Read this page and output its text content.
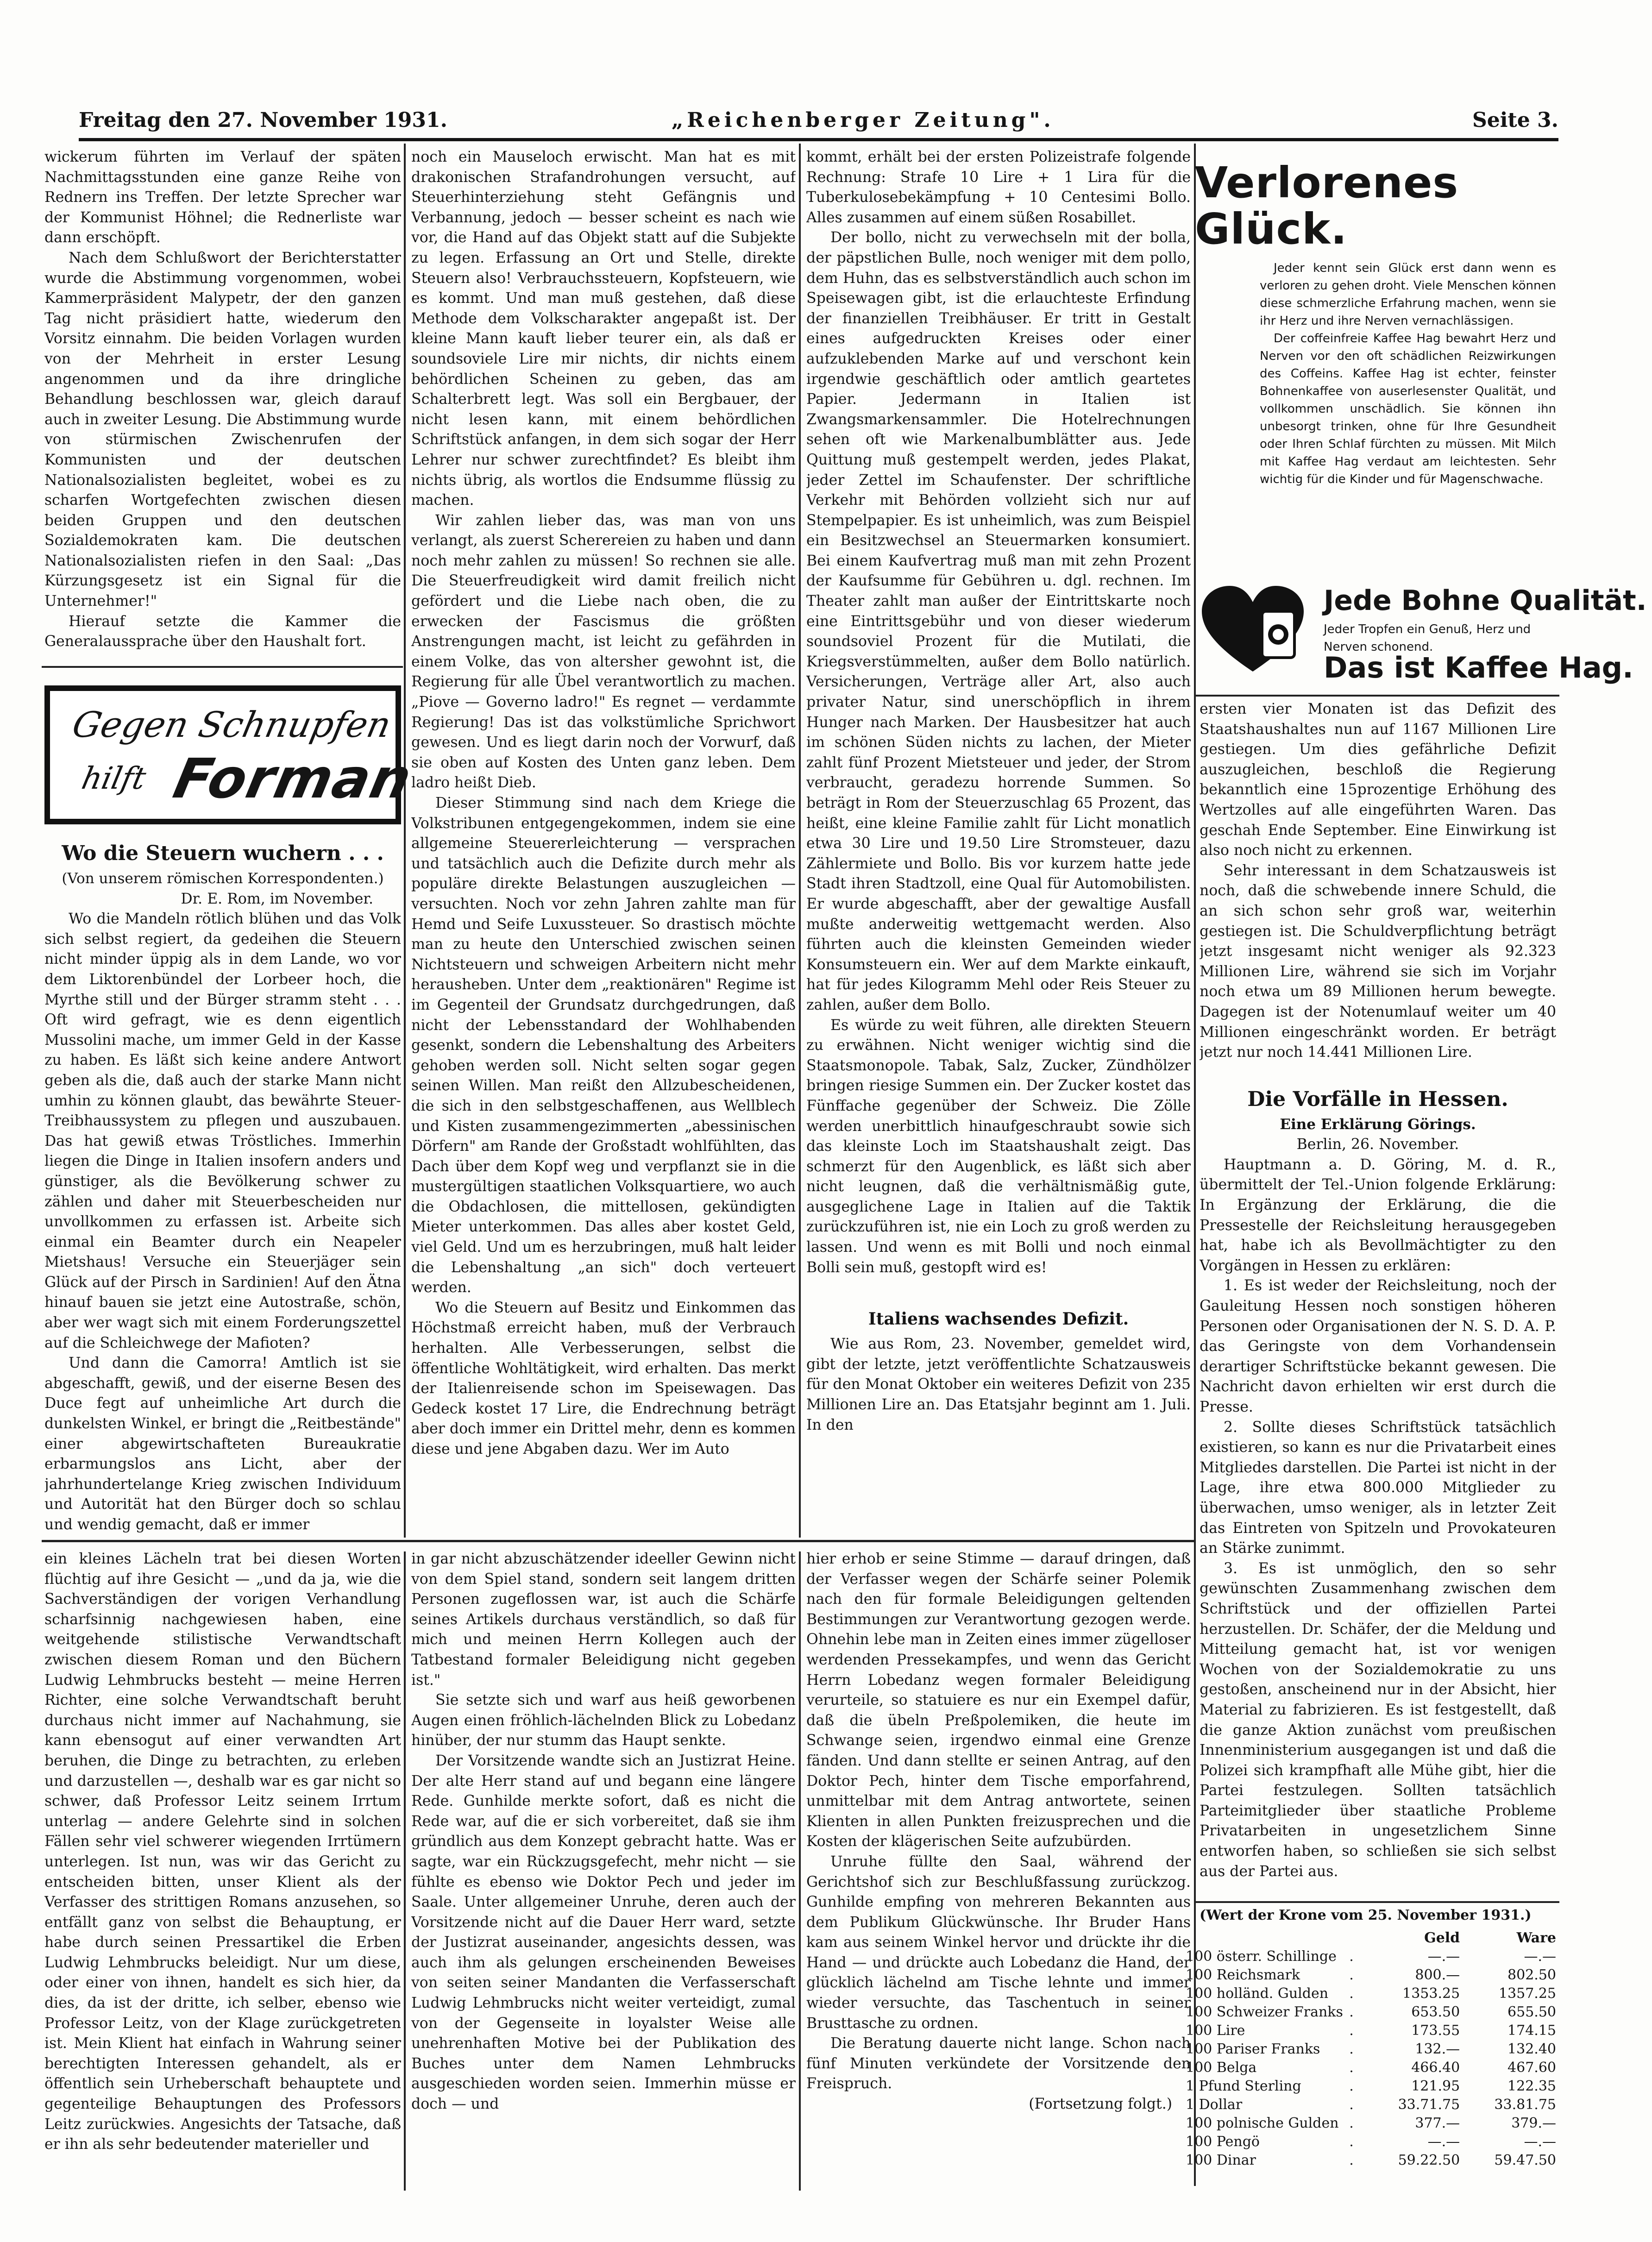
Freitag den 27. November 1931.	„Reichenberger Zeitung".	Seite 3.

wickerum führten im Verlauf der späten Nachmittagsstunden eine ganze Reihe von Rednern ins Treffen. Der letzte Sprecher war der Kommunist Höhnel; die Rednerliste war dann erschöpft.

Nach dem Schlußwort der Berichterstatter wurde die Abstimmung vorgenommen, wobei Kammerpräsident Malypetr, der den ganzen Tag nicht präsidiert hatte, wiederum den Vorsitz einnahm. Die beiden Vorlagen wurden von der Mehrheit in erster Lesung angenommen und da ihre dringliche Behandlung beschlossen war, gleich darauf auch in zweiter Lesung. Die Abstimmung wurde von stürmischen Zwischenrufen der Kommunisten und der deutschen Nationalsozialisten begleitet, wobei es zu scharfen Wortgefechten zwischen diesen beiden Gruppen und den deutschen Sozialdemokraten kam. Die deutschen Nationalsozialisten riefen in den Saal: „Das Kürzungsgesetz ist ein Signal für die Unternehmer!"

Hierauf setzte die Kammer die Generalaussprache über den Haushalt fort.

Gegen Schnupfen
hilft Forman

Wo die Steuern wuchern . . .

(Von unserem römischen Korrespondenten.)

Dr. E. Rom, im November.

Wo die Mandeln rötlich blühen und das Volk sich selbst regiert, da gedeihen die Steuern nicht minder üppig als in dem Lande, wo vor dem Liktorenbündel der Lorbeer hoch, die Myrthe still und der Bürger stramm steht . . . Oft wird gefragt, wie es denn eigentlich Mussolini mache, um immer Geld in der Kasse zu haben. Es läßt sich keine andere Antwort geben als die, daß auch der starke Mann nicht umhin zu können glaubt, das bewährte Steuer-Treibhaussystem zu pflegen und auszubauen. Das hat gewiß etwas Tröstliches. Immerhin liegen die Dinge in Italien insofern anders und günstiger, als die Bevölkerung schwer zu zählen und daher mit Steuerbescheiden nur unvollkommen zu erfassen ist. Arbeite sich einmal ein Beamter durch ein Neapeler Mietshaus! Versuche ein Steuerjäger sein Glück auf der Pirsch in Sardinien! Auf den Ätna hinauf bauen sie jetzt eine Autostraße, schön, aber wer wagt sich mit einem Forderungszettel auf die Schleichwege der Mafioten?

Und dann die Camorra! Amtlich ist sie abgeschafft, gewiß, und der eiserne Besen des Duce fegt auf unheimliche Art durch die dunkelsten Winkel, er bringt die „Reitbestände" einer abgewirtschafteten Bureaukratie erbarmungslos ans Licht, aber der jahrhundertelange Krieg zwischen Individuum und Autorität hat den Bürger doch so schlau und wendig gemacht, daß er immer

noch ein Mauseloch erwischt. Man hat es mit drakonischen Strafandrohungen versucht, auf Steuerhinterziehung steht Gefängnis und Verbannung, jedoch — besser scheint es nach wie vor, die Hand auf das Objekt statt auf die Subjekte zu legen. Erfassung an Ort und Stelle, direkte Steuern also! Verbrauchssteuern, Kopfsteuern, wie es kommt. Und man muß gestehen, daß diese Methode dem Volkscharakter angepaßt ist. Der kleine Mann kauft lieber teurer ein, als daß er soundsoviele Lire mir nichts, dir nichts einem behördlichen Scheinen zu geben, das am Schalterbrett legt. Was soll ein Bergbauer, der nicht lesen kann, mit einem behördlichen Schriftstück anfangen, in dem sich sogar der Herr Lehrer nur schwer zurechtfindet? Es bleibt ihm nichts übrig, als wortlos die Endsumme flüssig zu machen.

Wir zahlen lieber das, was man von uns verlangt, als zuerst Scherereien zu haben und dann noch mehr zahlen zu müssen! So rechnen sie alle. Die Steuerfreudigkeit wird damit freilich nicht gefördert und die Liebe nach oben, die zu erwecken der Fascismus die größten Anstrengungen macht, ist leicht zu gefährden in einem Volke, das von altersher gewohnt ist, die Regierung für alle Übel verantwortlich zu machen. „Piove — Governo ladro!" Es regnet — verdammte Regierung! Das ist das volkstümliche Sprichwort gewesen. Und es liegt darin noch der Vorwurf, daß sie oben auf Kosten des Unten ganz leben. Dem ladro heißt Dieb.

Dieser Stimmung sind nach dem Kriege die Volkstribunen entgegengekommen, indem sie eine allgemeine Steuererleichterung — versprachen und tatsächlich auch die Defizite durch mehr als populäre direkte Belastungen auszugleichen — versuchten. Noch vor zehn Jahren zahlte man für Hemd und Seife Luxussteuer. So drastisch möchte man zu heute den Unterschied zwischen seinen Nichtsteuern und schweigen Arbeitern nicht mehr herausheben. Unter dem „reaktionären" Regime ist im Gegenteil der Grundsatz durchgedrungen, daß nicht der Lebensstandard der Wohlhabenden gesenkt, sondern die Lebenshaltung des Arbeiters gehoben werden soll. Nicht selten sogar gegen seinen Willen. Man reißt den Allzubescheidenen, die sich in den selbstgeschaffenen, aus Wellblech und Kisten zusammengezimmerten „abessinischen Dörfern" am Rande der Großstadt wohlfühlten, das Dach über dem Kopf weg und verpflanzt sie in die mustergültigen staatlichen Volksquartiere, wo auch die Obdachlosen, die mittellosen, gekündigten Mieter unterkommen. Das alles aber kostet Geld, viel Geld. Und um es herzubringen, muß halt leider die Lebenshaltung „an sich" doch verteuert werden.

Wo die Steuern auf Besitz und Einkommen das Höchstmaß erreicht haben, muß der Verbrauch herhalten. Alle Verbesserungen, selbst die öffentliche Wohltätigkeit, wird erhalten. Das merkt der Italienreisende schon im Speisewagen. Das Gedeck kostet 17 Lire, die Endrechnung beträgt aber doch immer ein Drittel mehr, denn es kommen diese und jene Abgaben dazu. Wer im Auto

kommt, erhält bei der ersten Polizeistrafe folgende Rechnung: Strafe 10 Lire + 1 Lira für die Tuberkulosebekämpfung + 10 Centesimi Bollo. Alles zusammen auf einem süßen Rosabillet.

Der bollo, nicht zu verwechseln mit der bolla, der päpstlichen Bulle, noch weniger mit dem pollo, dem Huhn, das es selbstverständlich auch schon im Speisewagen gibt, ist die erlauchteste Erfindung der finanziellen Treibhäuser. Er tritt in Gestalt eines aufgedruckten Kreises oder einer aufzuklebenden Marke auf und verschont kein irgendwie geschäftlich oder amtlich geartetes Papier. Jedermann in Italien ist Zwangsmarkensammler. Die Hotelrechnungen sehen oft wie Markenalbumblätter aus. Jede Quittung muß gestempelt werden, jedes Plakat, jeder Zettel im Schaufenster. Der schriftliche Verkehr mit Behörden vollzieht sich nur auf Stempelpapier. Es ist unheimlich, was zum Beispiel ein Besitzwechsel an Steuermarken konsumiert. Bei einem Kaufvertrag muß man mit zehn Prozent der Kaufsumme für Gebühren u. dgl. rechnen. Im Theater zahlt man außer der Eintrittskarte noch eine Eintrittsgebühr und von dieser wiederum soundsoviel Prozent für die Mutilati, die Kriegsverstümmelten, außer dem Bollo natürlich. Versicherungen, Verträge aller Art, also auch privater Natur, sind unerschöpflich in ihrem Hunger nach Marken. Der Hausbesitzer hat auch im schönen Süden nichts zu lachen, der Mieter zahlt fünf Prozent Mietsteuer und jeder, der Strom verbraucht, geradezu horrende Summen. So beträgt in Rom der Steuerzuschlag 65 Prozent, das heißt, eine kleine Familie zahlt für Licht monatlich etwa 30 Lire und 19.50 Lire Stromsteuer, dazu Zählermiete und Bollo. Bis vor kurzem hatte jede Stadt ihren Stadtzoll, eine Qual für Automobilisten. Er wurde abgeschafft, aber der gewaltige Ausfall mußte anderweitig wettgemacht werden. Also führten auch die kleinsten Gemeinden wieder Konsumsteuern ein. Wer auf dem Markte einkauft, hat für jedes Kilogramm Mehl oder Reis Steuer zu zahlen, außer dem Bollo.

Es würde zu weit führen, alle direkten Steuern zu erwähnen. Nicht weniger wichtig sind die Staatsmonopole. Tabak, Salz, Zucker, Zündhölzer bringen riesige Summen ein. Der Zucker kostet das Fünffache gegenüber der Schweiz. Die Zölle werden unerbittlich hinaufgeschraubt sowie sich das kleinste Loch im Staatshaushalt zeigt. Das schmerzt für den Augenblick, es läßt sich aber nicht leugnen, daß die verhältnismäßig gute, ausgeglichene Lage in Italien auf die Taktik zurückzuführen ist, nie ein Loch zu groß werden zu lassen. Und wenn es mit Bolli und noch einmal Bolli sein muß, gestopft wird es!

Italiens wachsendes Defizit.

Wie aus Rom, 23. November, gemeldet wird, gibt der letzte, jetzt veröffentlichte Schatzausweis für den Monat Oktober ein weiteres Defizit von 235 Millionen Lire an. Das Etatsjahr beginnt am 1. Juli. In den

Verlorenes
Glück.

Jeder kennt sein Glück erst dann wenn es verloren zu gehen droht. Viele Menschen können diese schmerzliche Erfahrung machen, wenn sie ihr Herz und ihre Nerven vernachlässigen.

Der coffeinfreie Kaffee Hag bewahrt Herz und Nerven vor den oft schädlichen Reizwirkungen des Coffeins. Kaffee Hag ist echter, feinster Bohnenkaffee von auserlesenster Qualität, und vollkommen unschädlich. Sie können ihn unbesorgt trinken, ohne für Ihre Gesundheit oder Ihren Schlaf fürchten zu müssen. Mit Milch mit Kaffee Hag verdaut am leichtesten. Sehr wichtig für die Kinder und für Magenschwache.

Jede Bohne Qualität.
Jeder Tropfen ein Genuß, Herz und Nerven schonend.
Das ist Kaffee Hag.

ersten vier Monaten ist das Defizit des Staatshaushaltes nun auf 1167 Millionen Lire gestiegen. Um dies gefährliche Defizit auszugleichen, beschloß die Regierung bekanntlich eine 15prozentige Erhöhung des Wertzolles auf alle eingeführten Waren. Das geschah Ende September. Eine Einwirkung ist also noch nicht zu erkennen.

Sehr interessant in dem Schatzausweis ist noch, daß die schwebende innere Schuld, die an sich schon sehr groß war, weiterhin gestiegen ist. Die Schuldverpflichtung beträgt jetzt insgesamt nicht weniger als 92.323 Millionen Lire, während sie sich im Vorjahr noch etwa um 89 Millionen herum bewegte. Dagegen ist der Notenumlauf weiter um 40 Millionen eingeschränkt worden. Er beträgt jetzt nur noch 14.441 Millionen Lire.

Die Vorfälle in Hessen.

Eine Erklärung Görings.

Berlin, 26. November.

Hauptmann a. D. Göring, M. d. R., übermittelt der Tel.-Union folgende Erklärung: In Ergänzung der Erklärung, die die Pressestelle der Reichsleitung herausgegeben hat, habe ich als Bevollmächtigter zu den Vorgängen in Hessen zu erklären:

1. Es ist weder der Reichsleitung, noch der Gauleitung Hessen noch sonstigen höheren Personen oder Organisationen der N. S. D. A. P. das Geringste von dem Vorhandensein derartiger Schriftstücke bekannt gewesen. Die Nachricht davon erhielten wir erst durch die Presse.

2. Sollte dieses Schriftstück tatsächlich existieren, so kann es nur die Privatarbeit eines Mitgliedes darstellen. Die Partei ist nicht in der Lage, ihre etwa 800.000 Mitglieder zu überwachen, umso weniger, als in letzter Zeit das Eintreten von Spitzeln und Provokateuren an Stärke zunimmt.

3. Es ist unmöglich, den so sehr gewünschten Zusammenhang zwischen dem Schriftstück und der offiziellen Partei herzustellen. Dr. Schäfer, der die Meldung und Mitteilung gemacht hat, ist vor wenigen Wochen von der Sozialdemokratie zu uns gestoßen, anscheinend nur in der Absicht, hier Material zu fabrizieren. Es ist festgestellt, daß die ganze Aktion zunächst vom preußischen Innenministerium ausgegangen ist und daß die Polizei sich krampfhaft alle Mühe gibt, hier die Partei festzulegen. Sollten tatsächlich Parteimitglieder über staatliche Probleme Privatarbeiten in ungesetzlichem Sinne entworfen haben, so schließen sie sich selbst aus der Partei aus.

(Wert der Krone vom 25. November 1931.)
		Geld	Ware
100 österr. Schillinge	.	—.—	—.—
100 Reichsmark	.	800.—	802.50
100 holländ. Gulden	.	1353.25	1357.25
100 Schweizer Franks	.	653.50	655.50
100 Lire	.	173.55	174.15
100 Pariser Franks	.	132.—	132.40
100 Belga	.	466.40	467.60
1 Pfund Sterling	.	121.95	122.35
1 Dollar	.	33.71.75	33.81.75
100 polnische Gulden	.	377.—	379.—
100 Pengö	.	—.—	—.—
100 Dinar	.	59.22.50	59.47.50

ein kleines Lächeln trat bei diesen Worten flüchtig auf ihre Gesicht — „und da ja, wie die Sachverständigen der vorigen Verhandlung scharfsinnig nachgewiesen haben, eine weitgehende stilistische Verwandtschaft zwischen diesem Roman und den Büchern Ludwig Lehmbrucks besteht — meine Herren Richter, eine solche Verwandtschaft beruht durchaus nicht immer auf Nachahmung, sie kann ebensogut auf einer verwandten Art beruhen, die Dinge zu betrachten, zu erleben und darzustellen —, deshalb war es gar nicht so schwer, daß Professor Leitz seinem Irrtum unterlag — andere Gelehrte sind in solchen Fällen sehr viel schwerer wiegenden Irrtümern unterlegen. Ist nun, was wir das Gericht zu entscheiden bitten, unser Klient als der Verfasser des strittigen Romans anzusehen, so entfällt ganz von selbst die Behauptung, er habe durch seinen Pressartikel die Erben Ludwig Lehmbrucks beleidigt. Nur um diese, oder einer von ihnen, handelt es sich hier, da dies, da ist der dritte, ich selber, ebenso wie Professor Leitz, von der Klage zurückgetreten ist. Mein Klient hat einfach in Wahrung seiner berechtigten Interessen gehandelt, als er öffentlich sein Urheberschaft behauptete und gegenteilige Behauptungen des Professors Leitz zurückwies. Angesichts der Tatsache, daß er ihn als sehr bedeutender materieller und

in gar nicht abzuschätzender ideeller Gewinn nicht von dem Spiel stand, sondern seit langem dritten Personen zugeflossen war, ist auch die Schärfe seines Artikels durchaus verständlich, so daß für mich und meinen Herrn Kollegen auch der Tatbestand formaler Beleidigung nicht gegeben ist."

Sie setzte sich und warf aus heiß geworbenen Augen einen fröhlich-lächelnden Blick zu Lobedanz hinüber, der nur stumm das Haupt senkte.

Der Vorsitzende wandte sich an Justizrat Heine. Der alte Herr stand auf und begann eine längere Rede. Gunhilde merkte sofort, daß es nicht die Rede war, auf die er sich vorbereitet, daß sie ihm gründlich aus dem Konzept gebracht hatte. Was er sagte, war ein Rückzugsgefecht, mehr nicht — sie fühlte es ebenso wie Doktor Pech und jeder im Saale. Unter allgemeiner Unruhe, deren auch der Vorsitzende nicht auf die Dauer Herr ward, setzte der Justizrat auseinander, angesichts dessen, was auch ihm als gelungen erscheinenden Beweises von seiten seiner Mandanten die Verfasserschaft Ludwig Lehmbrucks nicht weiter verteidigt, zumal von der Gegenseite in loyalster Weise alle unehrenhaften Motive bei der Publikation des Buches unter dem Namen Lehmbrucks ausgeschieden worden seien. Immerhin müsse er doch — und

hier erhob er seine Stimme — darauf dringen, daß der Verfasser wegen der Schärfe seiner Polemik nach den für formale Beleidigungen geltenden Bestimmungen zur Verantwortung gezogen werde. Ohnehin lebe man in Zeiten eines immer zügelloser werdenden Pressekampfes, und wenn das Gericht Herrn Lobedanz wegen formaler Beleidigung verurteile, so statuiere es nur ein Exempel dafür, daß die übeln Preßpolemiken, die heute im Schwange seien, irgendwo einmal eine Grenze fänden. Und dann stellte er seinen Antrag, auf den Doktor Pech, hinter dem Tische emporfahrend, unmittelbar mit dem Antrag antwortete, seinen Klienten in allen Punkten freizusprechen und die Kosten der klägerischen Seite aufzubürden.

Unruhe füllte den Saal, während der Gerichtshof sich zur Beschlußfassung zurückzog. Gunhilde empfing von mehreren Bekannten aus dem Publikum Glückwünsche. Ihr Bruder Hans kam aus seinem Winkel hervor und drückte ihr die Hand — und drückte auch Lobedanz die Hand, der glücklich lächelnd am Tische lehnte und immer wieder versuchte, das Taschentuch in seiner Brusttasche zu ordnen.

Die Beratung dauerte nicht lange. Schon nach fünf Minuten verkündete der Vorsitzende den Freispruch.

(Fortsetzung folgt.)
